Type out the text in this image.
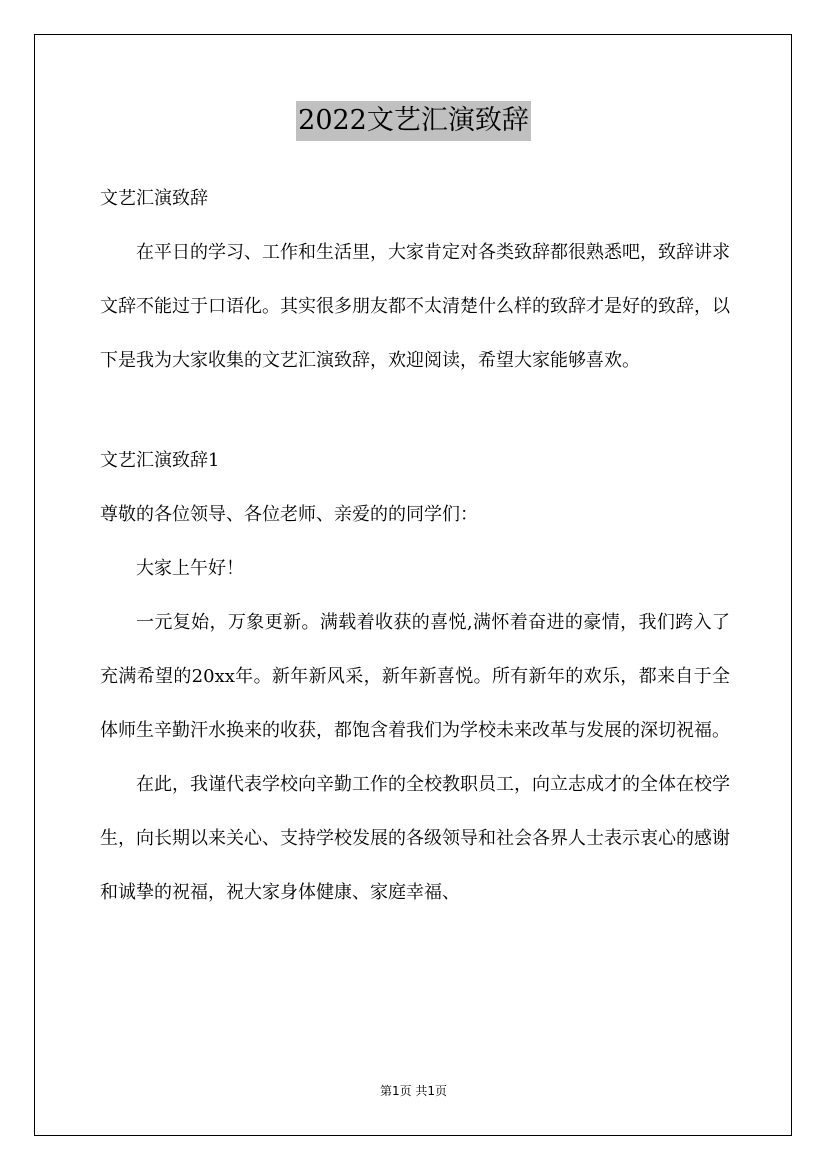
2022文艺汇演致辞

文艺汇演致辞

在平日的学习、工作和生活里，大家肯定对各类致辞都很熟悉吧，致辞讲求文辞不能过于口语化。其实很多朋友都不太清楚什么样的致辞才是好的致辞，以下是我为大家收集的文艺汇演致辞，欢迎阅读，希望大家能够喜欢。

文艺汇演致辞1

尊敬的各位领导、各位老师、亲爱的的同学们：

大家上午好！

一元复始，万象更新。满载着收获的喜悦,满怀着奋进的豪情，我们跨入了充满希望的20xx年。新年新风采，新年新喜悦。所有新年的欢乐，都来自于全体师生辛勤汗水换来的收获，都饱含着我们为学校未来改革与发展的深切祝福。

在此，我谨代表学校向辛勤工作的全校教职员工，向立志成才的全体在校学生，向长期以来关心、支持学校发展的各级领导和社会各界人士表示衷心的感谢和诚挚的祝福，祝大家身体健康、家庭幸福、

第1页 共1页
